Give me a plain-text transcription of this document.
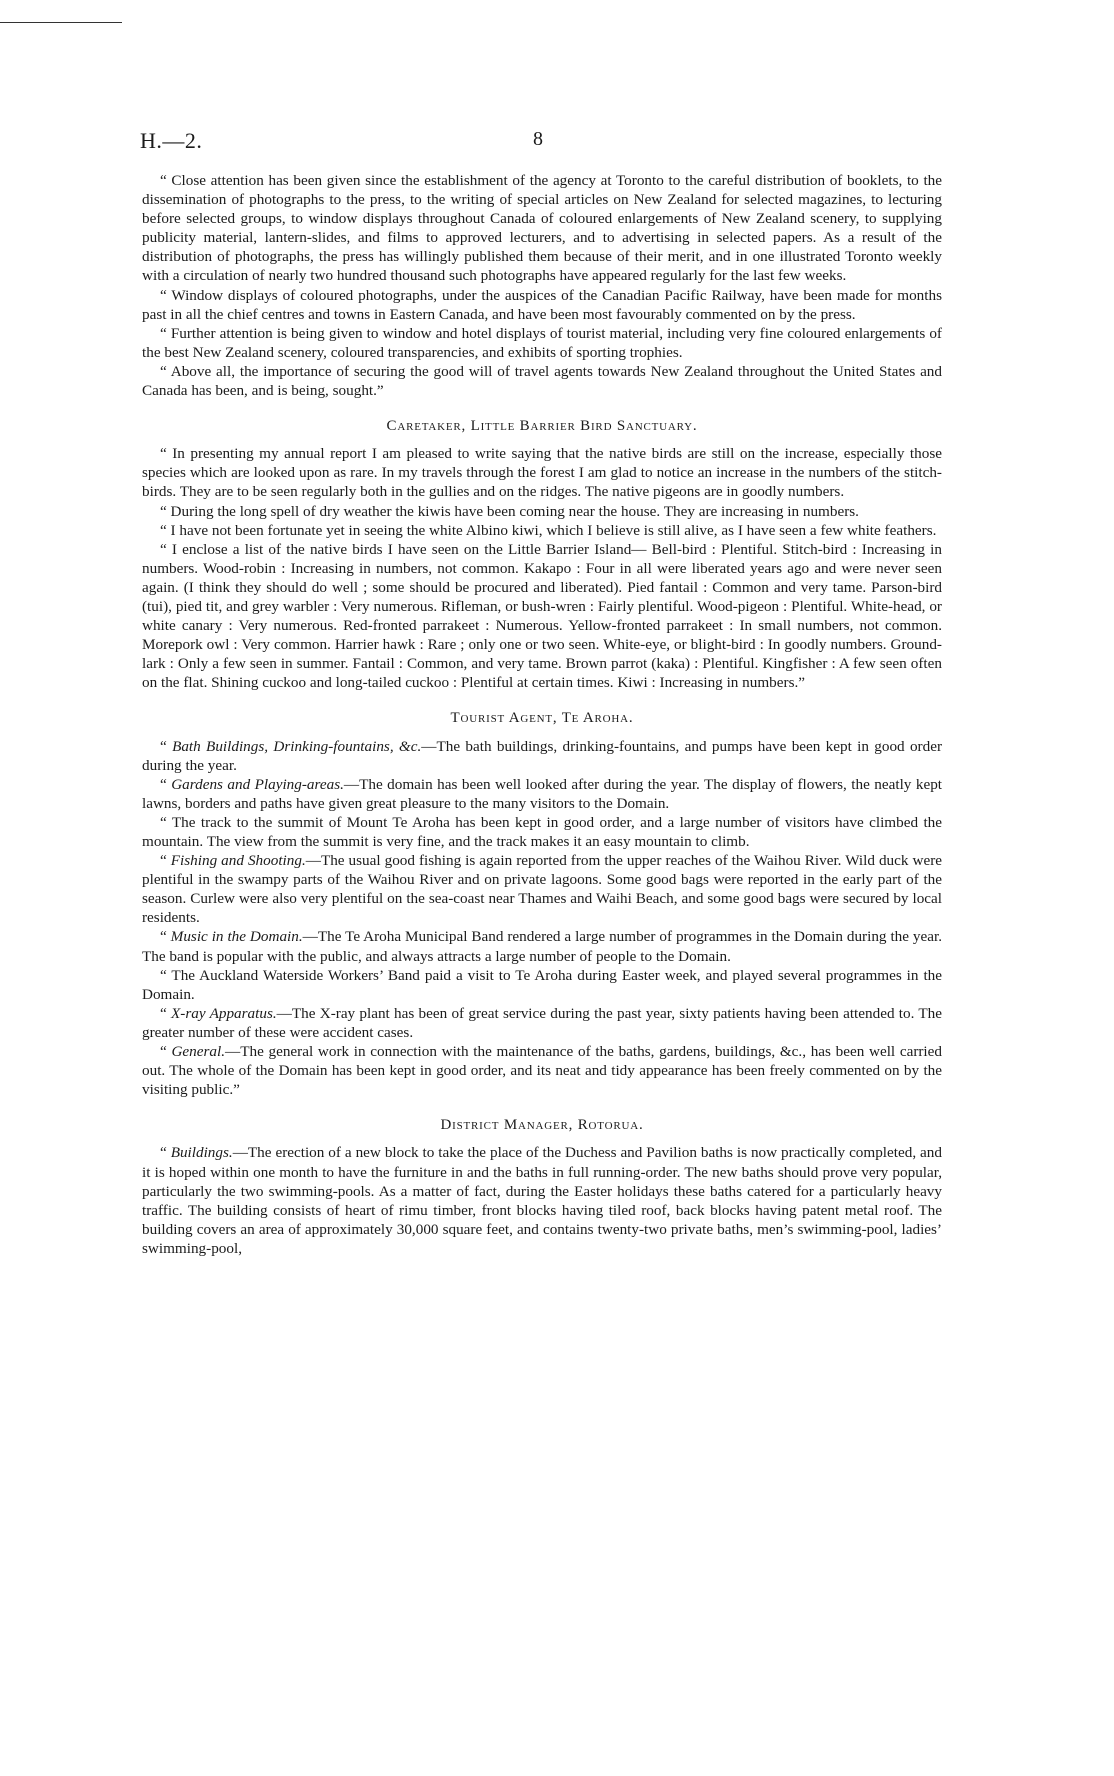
H.—2.	8

“ Close attention has been given since the establishment of the agency at Toronto to the careful distribution of booklets, to the dissemination of photographs to the press, to the writing of special articles on New Zealand for selected magazines, to lecturing before selected groups, to window displays throughout Canada of coloured enlargements of New Zealand scenery, to supplying publicity material, lantern-slides, and films to approved lecturers, and to advertising in selected papers. As a result of the distribution of photographs, the press has willingly published them because of their merit, and in one illustrated Toronto weekly with a circulation of nearly two hundred thousand such photographs have appeared regularly for the last few weeks.

“ Window displays of coloured photographs, under the auspices of the Canadian Pacific Railway, have been made for months past in all the chief centres and towns in Eastern Canada, and have been most favourably commented on by the press.

“ Further attention is being given to window and hotel displays of tourist material, including very fine coloured enlargements of the best New Zealand scenery, coloured transparencies, and exhibits of sporting trophies.

“ Above all, the importance of securing the good will of travel agents towards New Zealand throughout the United States and Canada has been, and is being, sought.”

Caretaker, Little Barrier Bird Sanctuary.

“ In presenting my annual report I am pleased to write saying that the native birds are still on the increase, especially those species which are looked upon as rare. In my travels through the forest I am glad to notice an increase in the numbers of the stitch-birds. They are to be seen regularly both in the gullies and on the ridges. The native pigeons are in goodly numbers.

“ During the long spell of dry weather the kiwis have been coming near the house. They are increasing in numbers.

“ I have not been fortunate yet in seeing the white Albino kiwi, which I believe is still alive, as I have seen a few white feathers.

“ I enclose a list of the native birds I have seen on the Little Barrier Island— Bell-bird : Plentiful. Stitch-bird : Increasing in numbers. Wood-robin : Increasing in numbers, not common. Kakapo : Four in all were liberated years ago and were never seen again. (I think they should do well ; some should be procured and liberated). Pied fantail : Common and very tame. Parson-bird (tui), pied tit, and grey warbler : Very numerous. Rifleman, or bush-wren : Fairly plentiful. Wood-pigeon : Plentiful. White-head, or white canary : Very numerous. Red-fronted parrakeet : Numerous. Yellow-fronted parrakeet : In small numbers, not common. Morepork owl : Very common. Harrier hawk : Rare ; only one or two seen. White-eye, or blight-bird : In goodly numbers. Ground-lark : Only a few seen in summer. Fantail : Common, and very tame. Brown parrot (kaka) : Plentiful. Kingfisher : A few seen often on the flat. Shining cuckoo and long-tailed cuckoo : Plentiful at certain times. Kiwi : Increasing in numbers.”

Tourist Agent, Te Aroha.

“ Bath Buildings, Drinking-fountains, &c.—The bath buildings, drinking-fountains, and pumps have been kept in good order during the year.

“ Gardens and Playing-areas.—The domain has been well looked after during the year. The display of flowers, the neatly kept lawns, borders and paths have given great pleasure to the many visitors to the Domain.

“ The track to the summit of Mount Te Aroha has been kept in good order, and a large number of visitors have climbed the mountain. The view from the summit is very fine, and the track makes it an easy mountain to climb.

“ Fishing and Shooting.—The usual good fishing is again reported from the upper reaches of the Waihou River. Wild duck were plentiful in the swampy parts of the Waihou River and on private lagoons. Some good bags were reported in the early part of the season. Curlew were also very plentiful on the sea-coast near Thames and Waihi Beach, and some good bags were secured by local residents.

“ Music in the Domain.—The Te Aroha Municipal Band rendered a large number of programmes in the Domain during the year. The band is popular with the public, and always attracts a large number of people to the Domain.

“ The Auckland Waterside Workers’ Band paid a visit to Te Aroha during Easter week, and played several programmes in the Domain.

“ X-ray Apparatus.—The X-ray plant has been of great service during the past year, sixty patients having been attended to. The greater number of these were accident cases.

“ General.—The general work in connection with the maintenance of the baths, gardens, buildings, &c., has been well carried out. The whole of the Domain has been kept in good order, and its neat and tidy appearance has been freely commented on by the visiting public.”

District Manager, Rotorua.

“ Buildings.—The erection of a new block to take the place of the Duchess and Pavilion baths is now practically completed, and it is hoped within one month to have the furniture in and the baths in full running-order. The new baths should prove very popular, particularly the two swimming-pools. As a matter of fact, during the Easter holidays these baths catered for a particularly heavy traffic. The building consists of heart of rimu timber, front blocks having tiled roof, back blocks having patent metal roof. The building covers an area of approximately 30,000 square feet, and contains twenty-two private baths, men’s swimming-pool, ladies’ swimming-pool,
